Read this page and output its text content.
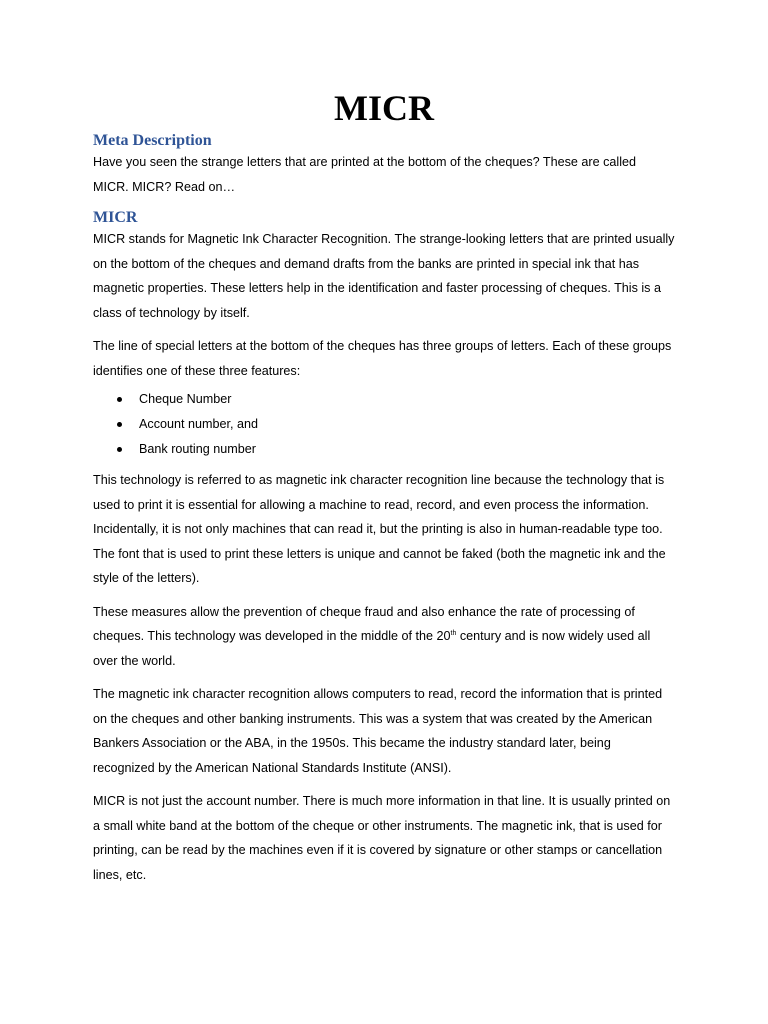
MICR
Meta Description

Have you seen the strange letters that are printed at the bottom of the cheques? These are called MICR. MICR? Read on…

MICR

MICR stands for Magnetic Ink Character Recognition. The strange-looking letters that are printed usually on the bottom of the cheques and demand drafts from the banks are printed in special ink that has magnetic properties. These letters help in the identification and faster processing of cheques. This is a class of technology by itself.

The line of special letters at the bottom of the cheques has three groups of letters. Each of these groups identifies one of these three features:

Cheque Number
Account number, and
Bank routing number

This technology is referred to as magnetic ink character recognition line because the technology that is used to print it is essential for allowing a machine to read, record, and even process the information. Incidentally, it is not only machines that can read it, but the printing is also in human-readable type too. The font that is used to print these letters is unique and cannot be faked (both the magnetic ink and the style of the letters).

These measures allow the prevention of cheque fraud and also enhance the rate of processing of cheques. This technology was developed in the middle of the 20th century and is now widely used all over the world.

The magnetic ink character recognition allows computers to read, record the information that is printed on the cheques and other banking instruments. This was a system that was created by the American Bankers Association or the ABA, in the 1950s. This became the industry standard later, being recognized by the American National Standards Institute (ANSI).

MICR is not just the account number. There is much more information in that line. It is usually printed on a small white band at the bottom of the cheque or other instruments. The magnetic ink, that is used for printing, can be read by the machines even if it is covered by signature or other stamps or cancellation lines, etc.
